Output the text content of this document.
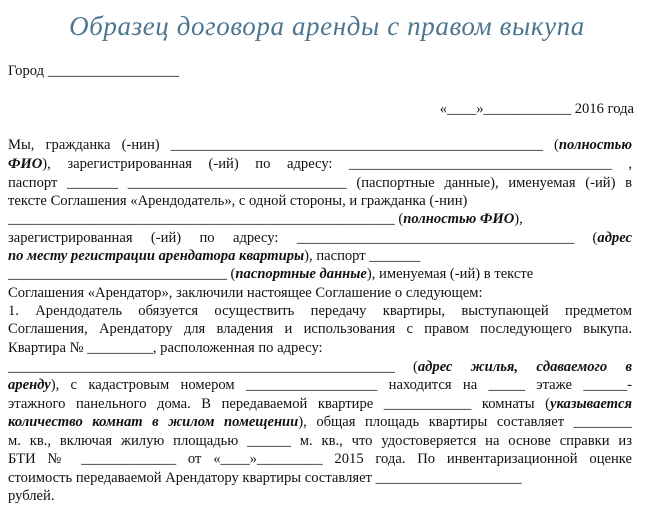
Образец договора аренды с правом выкупа
Город __________________
«____»____________ 2016 года
Мы, гражданка (-нин) ___________________________________________________ (полностью
ФИО), зарегистрированная (-ий) по адресу: ____________________________________ ,
паспорт _______ ______________________________ (паспортные данные), именуемая (-ий) в
тексте Соглашения «Арендодатель», с одной стороны, и гражданка (-нин)
_____________________________________________________ (полностью ФИО),
зарегистрированная (-ий) по адресу: ______________________________________ (адрес
по месту регистрации арендатора квартиры), паспорт _______
______________________________ (паспортные данные), именуемая (-ий) в тексте
Соглашения «Арендатор», заключили настоящее Соглашение о следующем:
1. Арендодатель обязуется осуществить передачу квартиры, выступающей предметом
Соглашения, Арендатору для владения и использования с правом последующего выкупа.
Квартира № _________, расположенная по адресу:
_____________________________________________________ (адрес жилья, сдаваемого в
аренду), с кадастровым номером __________________ находится на _____ этаже ______-
этажного панельного дома. В передаваемой квартире ____________ комнаты (указывается
количество комнат в жилом помещении), общая площадь квартиры составляет ________
м. кв., включая жилую площадью ______ м. кв., что удостоверяется на основе справки из
БТИ № _____________ от «____»_________ 2015 года. По инвентаризационной оценке
стоимость передаваемой Арендатору квартиры составляет ____________________
рублей.
